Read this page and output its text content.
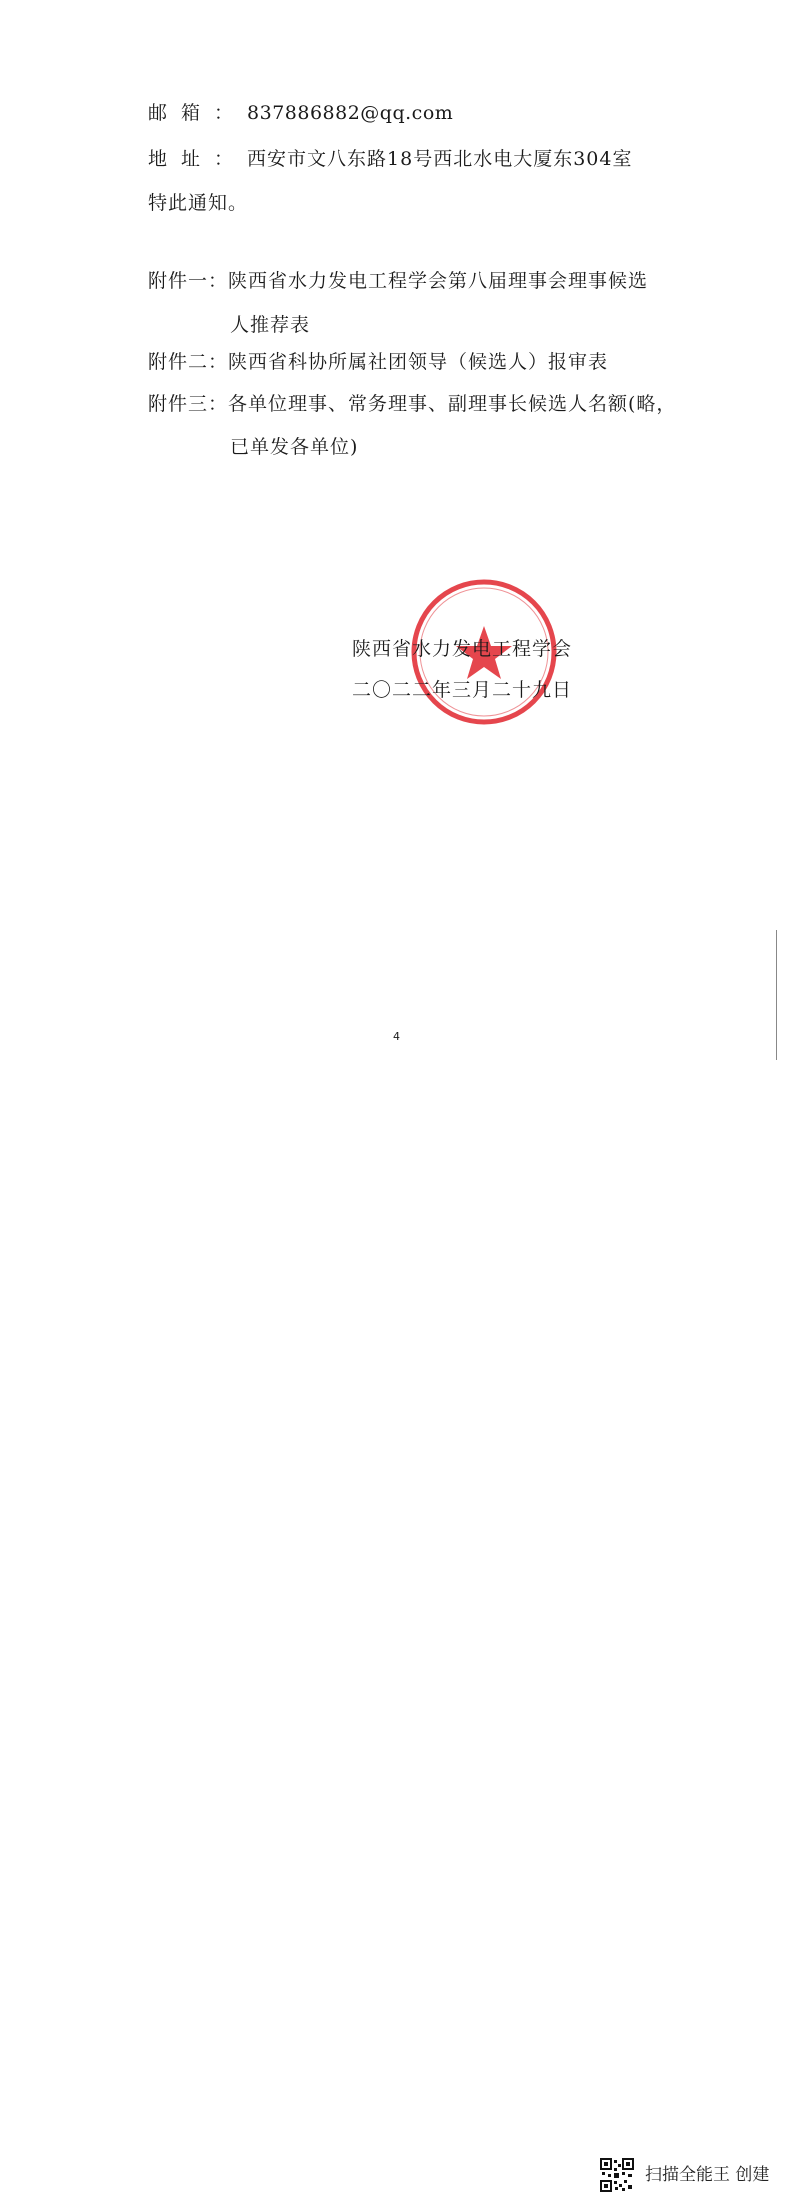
邮箱：837886882@qq.com
地址：西安市文八东路18号西北水电大厦东304室
特此通知。
附件一：陕西省水力发电工程学会第八届理事会理事候选
人推荐表
附件二：陕西省科协所属社团领导（候选人）报审表
附件三：各单位理事、常务理事、副理事长候选人名额(略，
已单发各单位)
陕西省水力发电工程学会
二〇二二年三月二十九日
4
扫描全能王 创建
